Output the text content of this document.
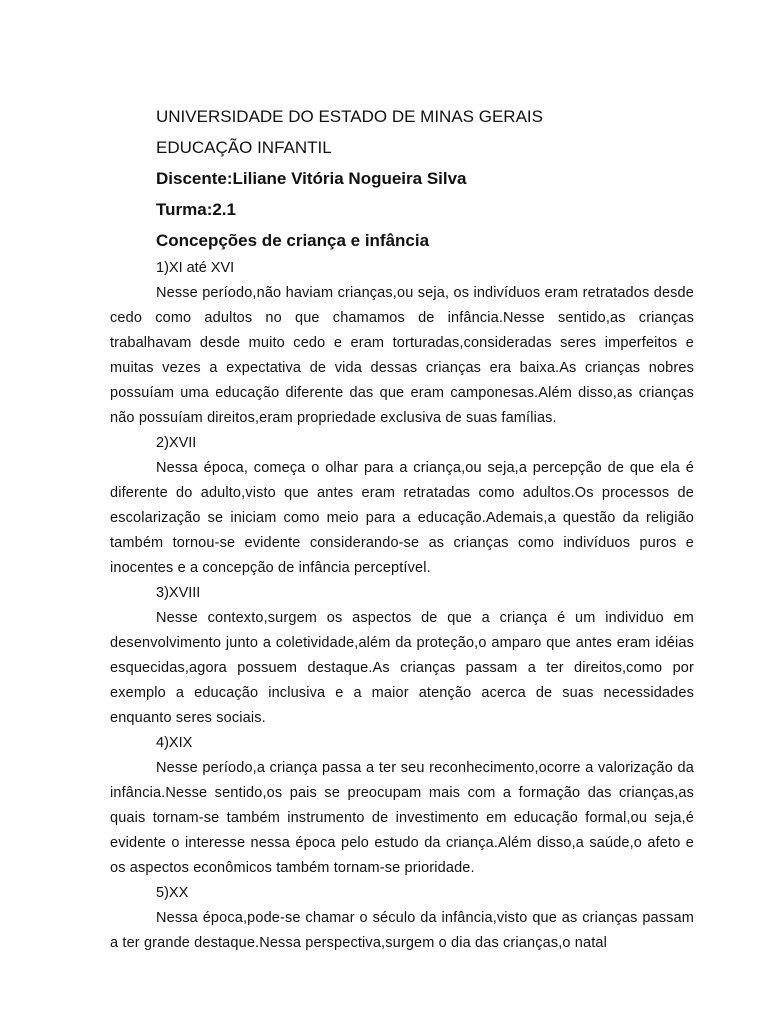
UNIVERSIDADE DO ESTADO DE MINAS GERAIS
EDUCAÇÃO INFANTIL
Discente:Liliane Vitória Nogueira Silva
Turma:2.1
Concepções de criança e infância
1)XI até XVI

Nesse período,não haviam crianças,ou seja, os indivíduos eram retratados desde cedo como adultos no que chamamos de infância.Nesse sentido,as crianças trabalhavam desde muito cedo e eram torturadas,consideradas seres imperfeitos e muitas vezes a expectativa de vida dessas crianças era baixa.As crianças nobres possuíam uma educação diferente das que eram camponesas.Além disso,as crianças não possuíam direitos,eram propriedade exclusiva de suas famílias.

2)XVII

Nessa época, começa o olhar para a criança,ou seja,a percepção de que ela é diferente do adulto,visto que antes eram retratadas como adultos.Os processos de escolarização se iniciam como meio para a educação.Ademais,a questão da religião também tornou-se evidente considerando-se as crianças como indivíduos puros e inocentes e a concepção de infância perceptível.

3)XVIII

Nesse contexto,surgem os aspectos de que a criança é um individuo em desenvolvimento junto a coletividade,além da proteção,o amparo que antes eram idéias esquecidas,agora possuem destaque.As crianças passam a ter direitos,como por exemplo a educação inclusiva e a maior atenção acerca de suas necessidades enquanto seres sociais.

4)XIX

Nesse período,a criança passa a ter seu reconhecimento,ocorre a valorização da infância.Nesse sentido,os pais se preocupam mais com a formação das crianças,as quais tornam-se também instrumento de investimento em educação formal,ou seja,é evidente o interesse nessa época pelo estudo da criança.Além disso,a saúde,o afeto e os aspectos econômicos também tornam-se prioridade.

5)XX

Nessa época,pode-se chamar o século da infância,visto que as crianças passam a ter grande destaque.Nessa perspectiva,surgem o dia das crianças,o natal
